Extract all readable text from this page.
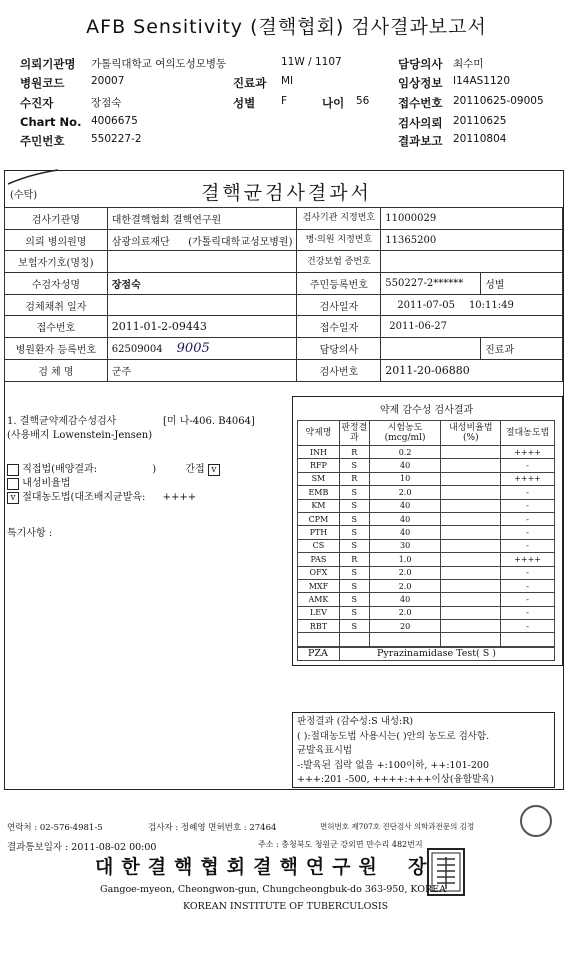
AFB Sensitivity (결핵협회) 검사결과보고서
의뢰기관명 가톨릭대학교 여의도성모병동	11W / 1107	담당의사 최수미
병원코드	20007	진료과 MI	임상정보 I14AS1120
수진자	장점숙	성별 F	나이 56 접수번호 20110625-09005
Chart No. 4006675	검사의뢰 20110625
주민번호	550227-2	결과보고 20110804
(수탁)	결핵균검사결과서
검사기관명	대한결핵협회 결핵연구원	검사기관 지정번호	11000029	
의뢰 병의원명	삼광의료재단 (가톨릭대학교성모병원)	병·의원 지정번호	11365200	
보험자기호(명칭)		건강보험 증번호		
수검자성명	장점숙	주민등록번호	550227-2******	성별
검체채취 일자		검사일자	2011-07-05 10:11:49	
접수번호	2011-01-2-09443	접수일자	2011-06-27	
병원환자 등록번호	62509004 9005	담당의사		진료과
검 체 명	군주	검사번호	2011-20-06880	
1. 결핵균약제감수성검사	[미 나-406. B4064]
(사용배지 Lowenstein-Jensen)
직접법(배양결과:	)	간접 v
내성비율법
v 절대농도법(대조배지균발육: ++++
특기사항 :
약제 감수성 검사결과
약제명	판정결과	시험농도(mcg/ml)	내성비율법(%)	절대농도법
INH	R	0.2		++++
RFP	S	40		-
SM	R	10		++++
EMB	S	2.0		-
KM	S	40		-
CPM	S	40		-
PTH	S	40		-
CS	S	30		-
PAS	R	1.0		++++
OFX	S	2.0		-
MXF	S	2.0		-
AMK	S	40		-
LEV	S	2.0		-
RBT	S	20		-

PZA	Pyrazinamidase Test( S )
판정결과 (감수성:S 내성:R)
( ):절대농도법 사용시는( )안의 농도로 검사함.
균발육표시법
-:발육된 집락 없음 +:100이하, ++:101-200
+++:201 -500, ++++:+++이상(융합발육)
연락처 : 02-576-4981-5	검사자 : 정혜영 면허번호 : 27464	면허번호 제707호 진단검사 의학과전문의 김정
결과통보일자 : 2011-08-02 00:00	주소 : 충청북도 청원군 강외면 만수리 482번지
대한결핵협회결핵연구원 장
Gangoe-myeon, Cheongwon-gun, Chungcheongbuk-do 363-950, KOREA
KOREAN INSTITUTE OF TUBERCULOSIS
